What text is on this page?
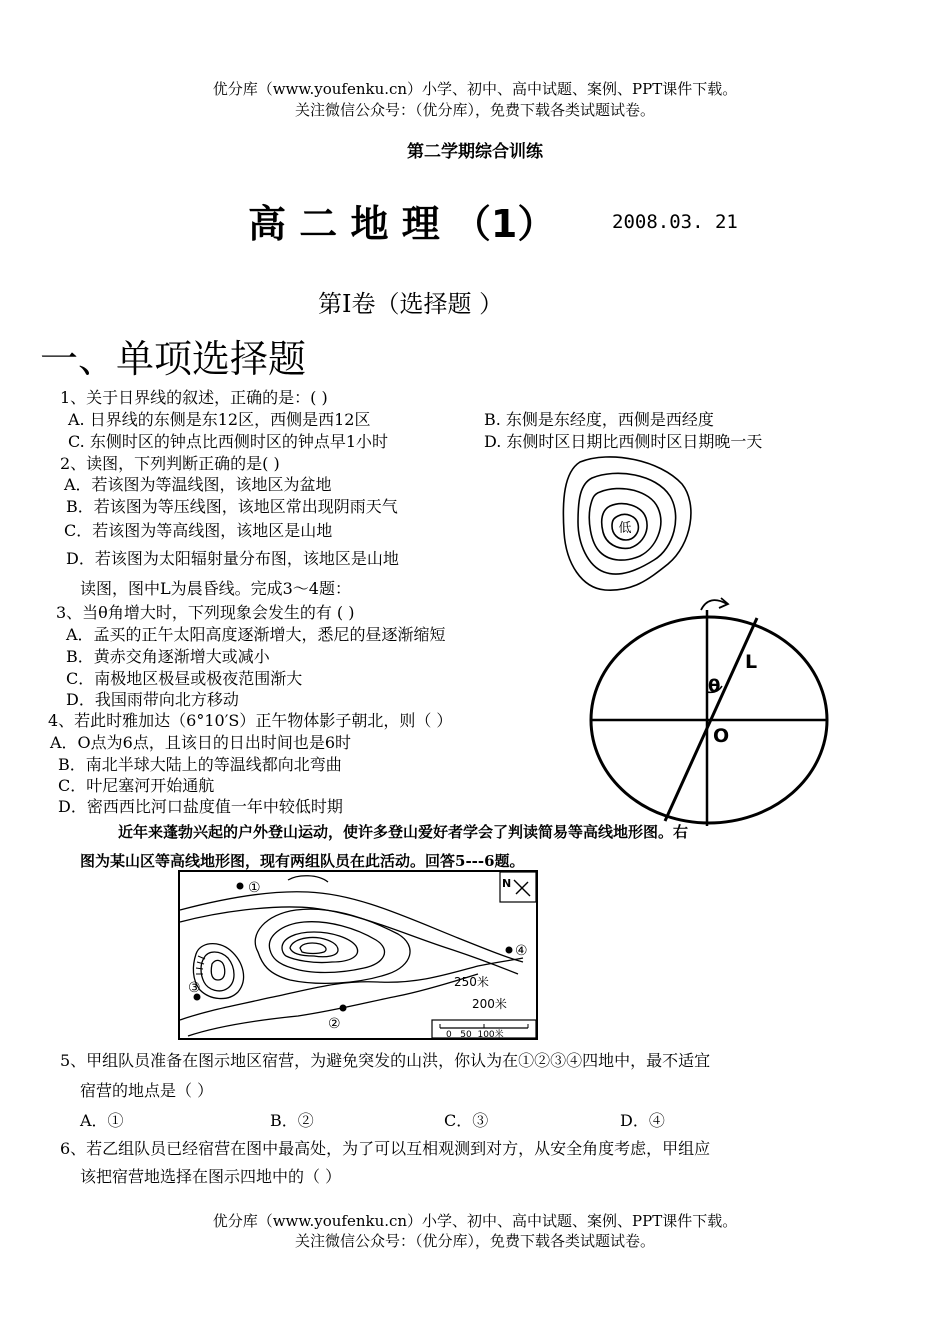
优分库（www.youfenku.cn）小学、初中、高中试题、案例、PPT课件下载。
关注微信公众号：（优分库），免费下载各类试题试卷。
第二学期综合训练
高 二 地 理 （1）	2008.03. 21
第Ⅰ卷（选择题 ）
一、单项选择题
1、关于日界线的叙述，正确的是：( )
A. 日界线的东侧是东12区，西侧是西12区	B. 东侧是东经度，西侧是西经度
C. 东侧时区的钟点比西侧时区的钟点早1小时	D. 东侧时区日期比西侧时区日期晚一天
2、读图，下列判断正确的是( )
A．若该图为等温线图，该地区为盆地
B．若该图为等压线图，该地区常出现阴雨天气
C．若该图为等高线图，该地区是山地
D．若该图为太阳辐射量分布图，该地区是山地
低
读图，图中L为晨昏线。完成3～4题：
3、当θ角增大时，下列现象会发生的有 ( )
A．孟买的正午太阳高度逐渐增大，悉尼的昼逐渐缩短
B．黄赤交角逐渐增大或减小
C．南极地区极昼或极夜范围渐大
D．我国雨带向北方移动
4、若此时雅加达（6°10′S）正午物体影子朝北，则（ ）
A．O点为6点，且该日的日出时间也是6时
B．南北半球大陆上的等温线都向北弯曲
C．叶尼塞河开始通航
D．密西西比河口盐度值一年中较低时期
θ
L
O
近年来蓬勃兴起的户外登山运动，使许多登山爱好者学会了判读简易等高线地形图。右
图为某山区等高线地形图，现有两组队员在此活动。回答5---6题。
①
②
③
④
N
250米
200米
0   50  100米
5、甲组队员准备在图示地区宿营，为避免突发的山洪，你认为在①②③④四地中，最不适宜
宿营的地点是（ ）
A．①	B．②	C．③	D．④
6、若乙组队员已经宿营在图中最高处，为了可以互相观测到对方，从安全角度考虑，甲组应
该把宿营地选择在图示四地中的（ ）
优分库（www.youfenku.cn）小学、初中、高中试题、案例、PPT课件下载。
关注微信公众号：（优分库），免费下载各类试题试卷。
